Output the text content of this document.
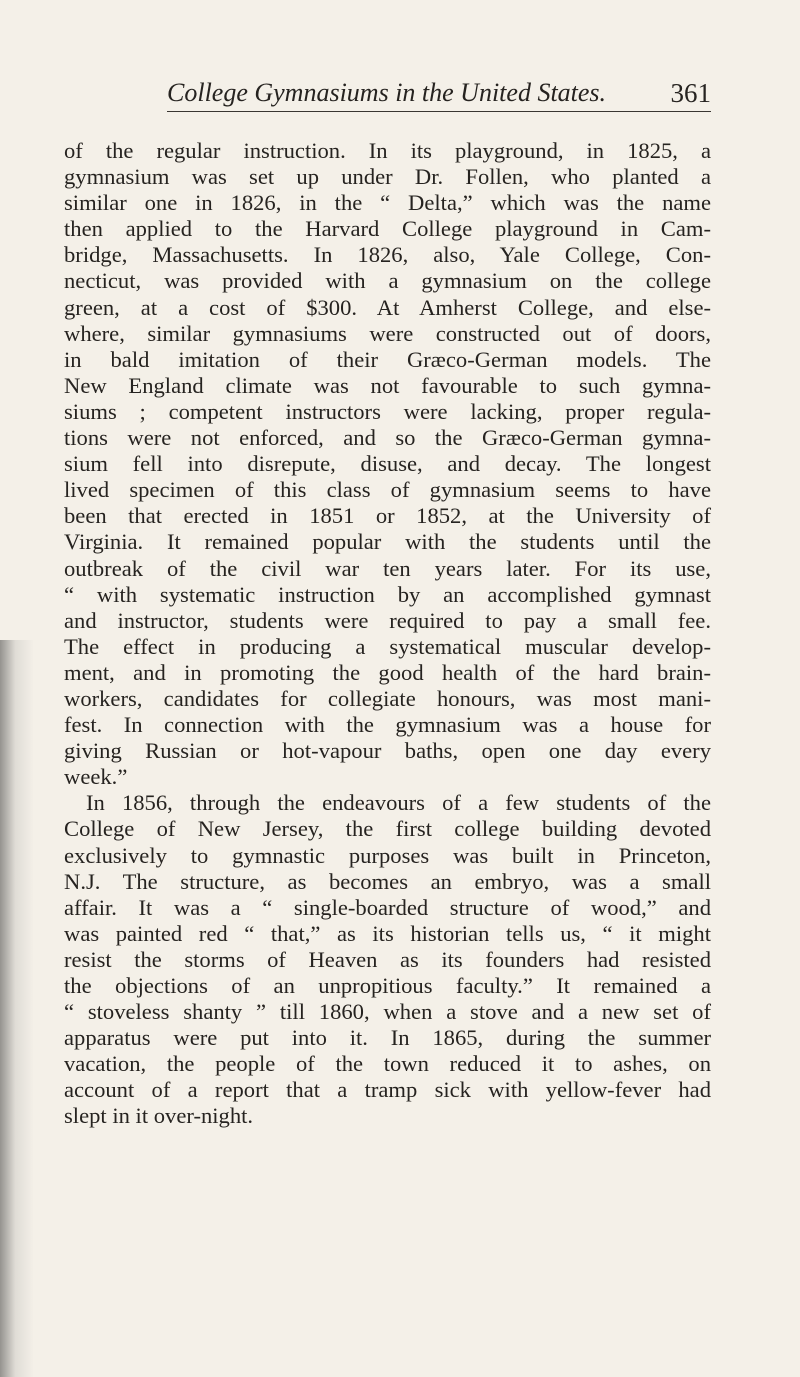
College Gymnasiums in the United States. 361
of the regular instruction. In its playground, in 1825, a
gymnasium was set up under Dr. Follen, who planted a
similar one in 1826, in the “ Delta,” which was the name
then applied to the Harvard College playground in Cam-
bridge, Massachusetts. In 1826, also, Yale College, Con-
necticut, was provided with a gymnasium on the college
green, at a cost of $300. At Amherst College, and else-
where, similar gymnasiums were constructed out of doors,
in bald imitation of their Græco-German models. The
New England climate was not favourable to such gymna-
siums ; competent instructors were lacking, proper regula-
tions were not enforced, and so the Græco-German gymna-
sium fell into disrepute, disuse, and decay. The longest
lived specimen of this class of gymnasium seems to have
been that erected in 1851 or 1852, at the University of
Virginia. It remained popular with the students until the
outbreak of the civil war ten years later. For its use,
“ with systematic instruction by an accomplished gymnast
and instructor, students were required to pay a small fee.
The effect in producing a systematical muscular develop-
ment, and in promoting the good health of the hard brain-
workers, candidates for collegiate honours, was most mani-
fest. In connection with the gymnasium was a house for
giving Russian or hot-vapour baths, open one day every
week.”
In 1856, through the endeavours of a few students of the
College of New Jersey, the first college building devoted
exclusively to gymnastic purposes was built in Princeton,
N.J. The structure, as becomes an embryo, was a small
affair. It was a “ single-boarded structure of wood,” and
was painted red “ that,” as its historian tells us, “ it might
resist the storms of Heaven as its founders had resisted
the objections of an unpropitious faculty.” It remained a
“ stoveless shanty ” till 1860, when a stove and a new set of
apparatus were put into it. In 1865, during the summer
vacation, the people of the town reduced it to ashes, on
account of a report that a tramp sick with yellow-fever had
slept in it over-night.
